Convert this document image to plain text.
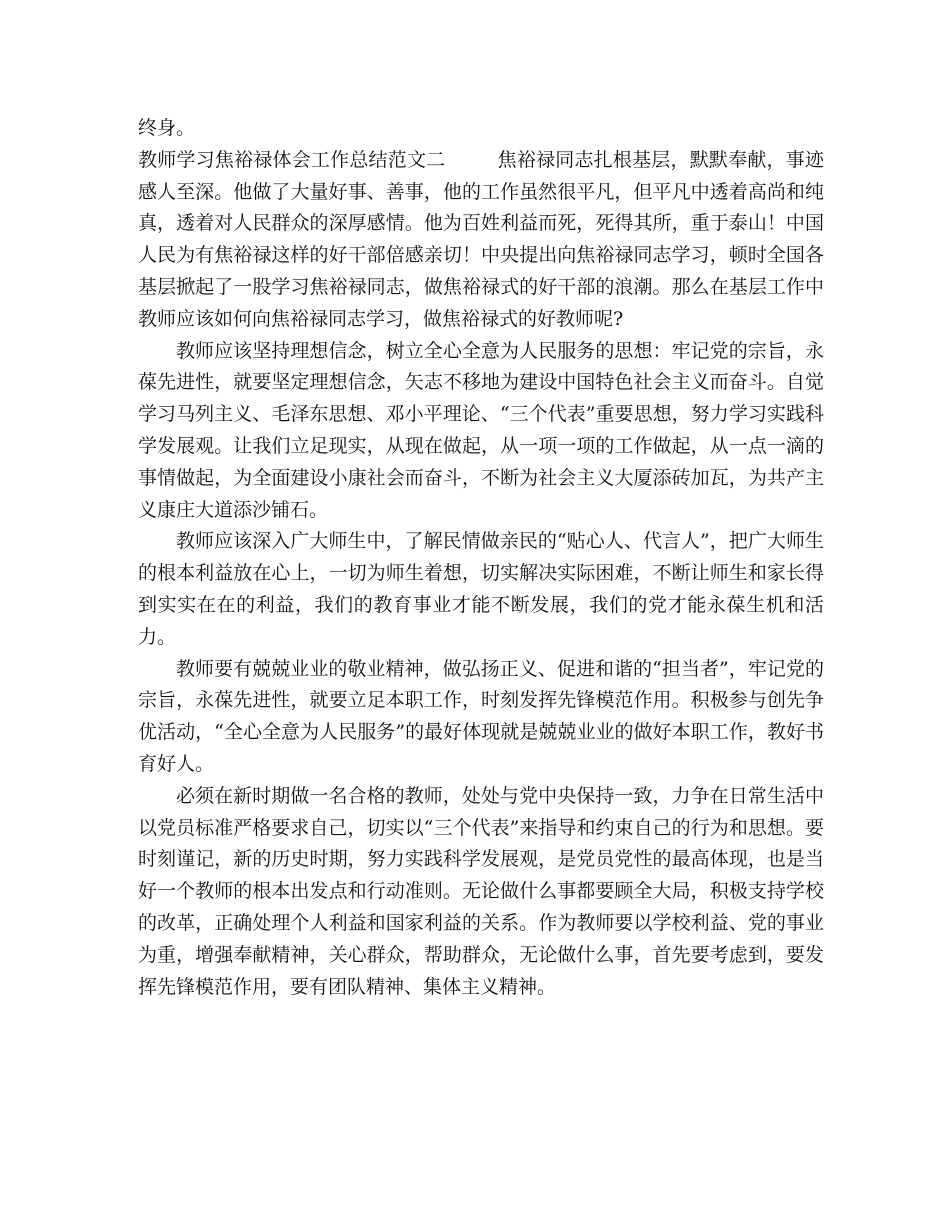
终身。

教师学习焦裕禄体会工作总结范文二	焦裕禄同志扎根基层，默默奉献，事迹感人至深。他做了大量好事、善事，他的工作虽然很平凡，但平凡中透着高尚和纯真，透着对人民群众的深厚感情。他为百姓利益而死，死得其所，重于泰山！中国人民为有焦裕禄这样的好干部倍感亲切！中央提出向焦裕禄同志学习，顿时全国各基层掀起了一股学习焦裕禄同志，做焦裕禄式的好干部的浪潮。那么在基层工作中教师应该如何向焦裕禄同志学习，做焦裕禄式的好教师呢?

教师应该坚持理想信念，树立全心全意为人民服务的思想：牢记党的宗旨，永葆先进性，就要坚定理想信念，矢志不移地为建设中国特色社会主义而奋斗。自觉学习马列主义、毛泽东思想、邓小平理论、“三个代表”重要思想，努力学习实践科学发展观。让我们立足现实，从现在做起，从一项一项的工作做起，从一点一滴的事情做起，为全面建设小康社会而奋斗，不断为社会主义大厦添砖加瓦，为共产主义康庄大道添沙铺石。

教师应该深入广大师生中，了解民情做亲民的“贴心人、代言人”，把广大师生的根本利益放在心上，一切为师生着想，切实解决实际困难，不断让师生和家长得到实实在在的利益，我们的教育事业才能不断发展，我们的党才能永葆生机和活力。

教师要有兢兢业业的敬业精神，做弘扬正义、促进和谐的“担当者”，牢记党的宗旨，永葆先进性，就要立足本职工作，时刻发挥先锋模范作用。积极参与创先争优活动，“全心全意为人民服务”的最好体现就是兢兢业业的做好本职工作，教好书育好人。

必须在新时期做一名合格的教师，处处与党中央保持一致，力争在日常生活中以党员标准严格要求自己，切实以“三个代表”来指导和约束自己的行为和思想。要时刻谨记，新的历史时期，努力实践科学发展观，是党员党性的最高体现，也是当好一个教师的根本出发点和行动准则。无论做什么事都要顾全大局，积极支持学校的改革，正确处理个人利益和国家利益的关系。作为教师要以学校利益、党的事业为重，增强奉献精神，关心群众，帮助群众，无论做什么事，首先要考虑到，要发挥先锋模范作用，要有团队精神、集体主义精神。
